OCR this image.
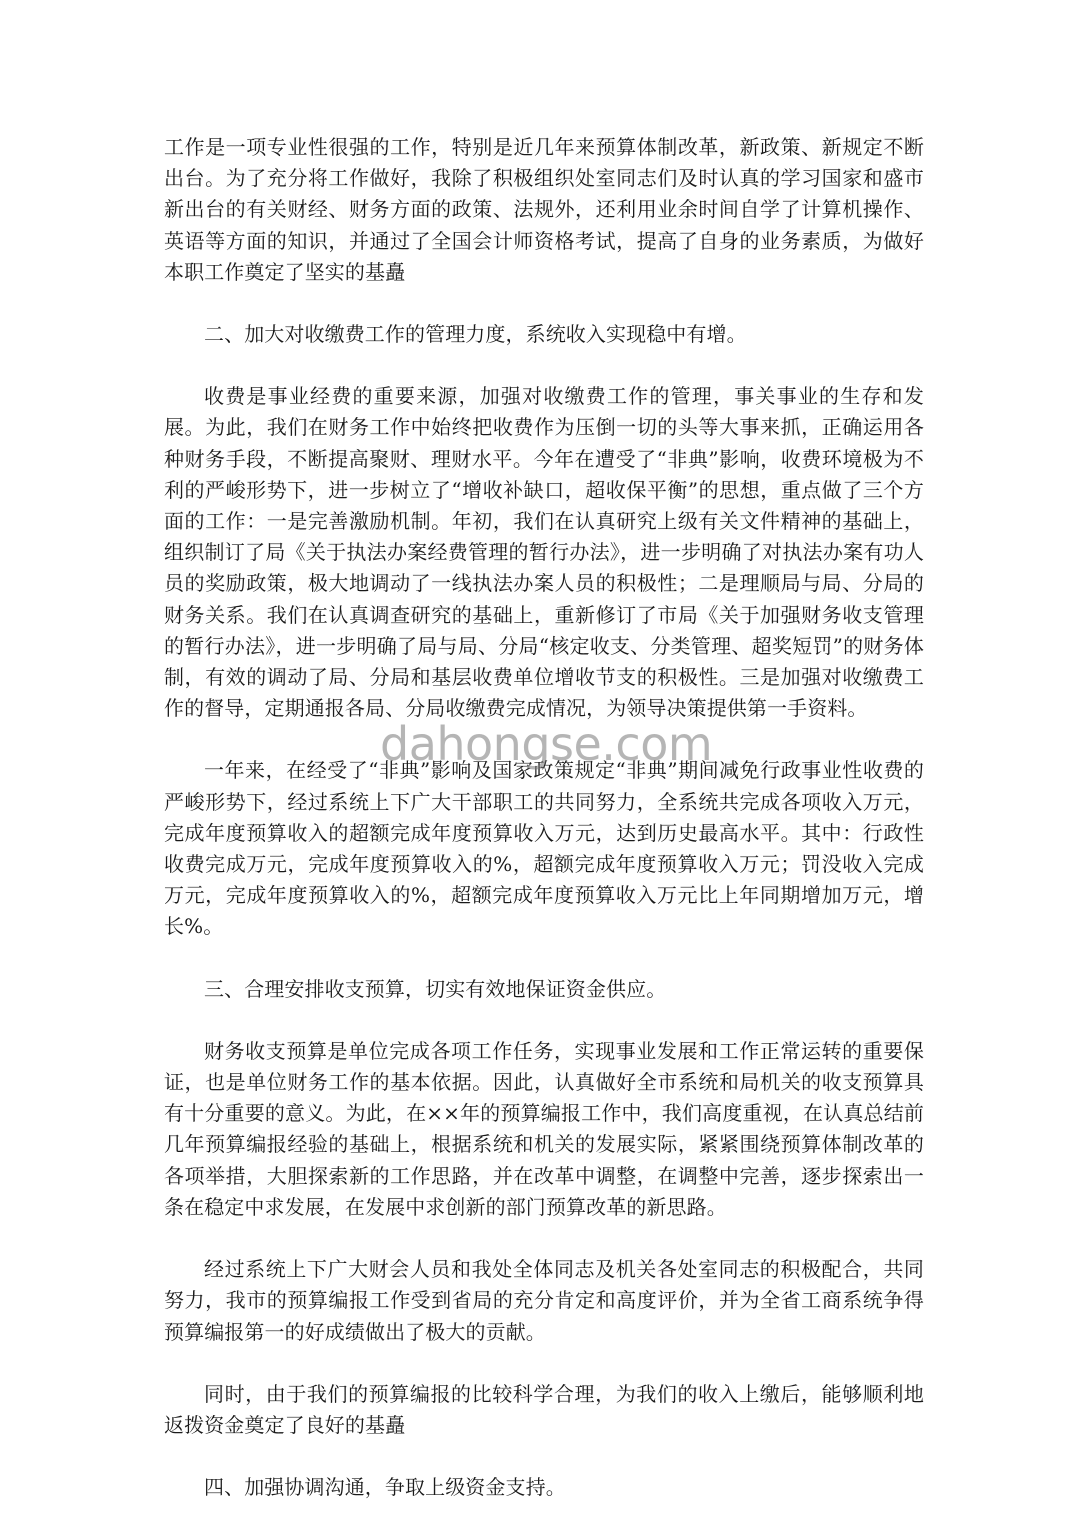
工作是一项专业性很强的工作，特别是近几年来预算体制改革，新政策、新规定不断出台。为了充分将工作做好，我除了积极组织处室同志们及时认真的学习国家和盛市新出台的有关财经、财务方面的政策、法规外，还利用业余时间自学了计算机操作、英语等方面的知识，并通过了全国会计师资格考试，提高了自身的业务素质，为做好本职工作奠定了坚实的基矗

二、加大对收缴费工作的管理力度，系统收入实现稳中有增。

收费是事业经费的重要来源，加强对收缴费工作的管理，事关事业的生存和发展。为此，我们在财务工作中始终把收费作为压倒一切的头等大事来抓，正确运用各种财务手段，不断提高聚财、理财水平。今年在遭受了“非典”影响，收费环境极为不利的严峻形势下，进一步树立了“增收补缺口，超收保平衡”的思想，重点做了三个方面的工作：一是完善激励机制。年初，我们在认真研究上级有关文件精神的基础上，组织制订了局《关于执法办案经费管理的暂行办法》，进一步明确了对执法办案有功人员的奖励政策，极大地调动了一线执法办案人员的积极性；二是理顺局与局、分局的财务关系。我们在认真调查研究的基础上，重新修订了市局《关于加强财务收支管理的暂行办法》，进一步明确了局与局、分局“核定收支、分类管理、超奖短罚”的财务体制，有效的调动了局、分局和基层收费单位增收节支的积极性。三是加强对收缴费工作的督导，定期通报各局、分局收缴费完成情况，为领导决策提供第一手资料。

一年来，在经受了“非典”影响及国家政策规定“非典”期间减免行政事业性收费的严峻形势下，经过系统上下广大干部职工的共同努力，全系统共完成各项收入万元，完成年度预算收入的超额完成年度预算收入万元，达到历史最高水平。其中：行政性收费完成万元，完成年度预算收入的%，超额完成年度预算收入万元；罚没收入完成万元，完成年度预算收入的%，超额完成年度预算收入万元比上年同期增加万元，增长%。

三、合理安排收支预算，切实有效地保证资金供应。

财务收支预算是单位完成各项工作任务，实现事业发展和工作正常运转的重要保证，也是单位财务工作的基本依据。因此，认真做好全市系统和局机关的收支预算具有十分重要的意义。为此，在××年的预算编报工作中，我们高度重视，在认真总结前几年预算编报经验的基础上，根据系统和机关的发展实际，紧紧围绕预算体制改革的各项举措，大胆探索新的工作思路，并在改革中调整，在调整中完善，逐步探索出一条在稳定中求发展，在发展中求创新的部门预算改革的新思路。

经过系统上下广大财会人员和我处全体同志及机关各处室同志的积极配合，共同努力，我市的预算编报工作受到省局的充分肯定和高度评价，并为全省工商系统争得预算编报第一的好成绩做出了极大的贡献。

同时，由于我们的预算编报的比较科学合理，为我们的收入上缴后，能够顺利地返拨资金奠定了良好的基矗

四、加强协调沟通，争取上级资金支持。

dahongse.com
